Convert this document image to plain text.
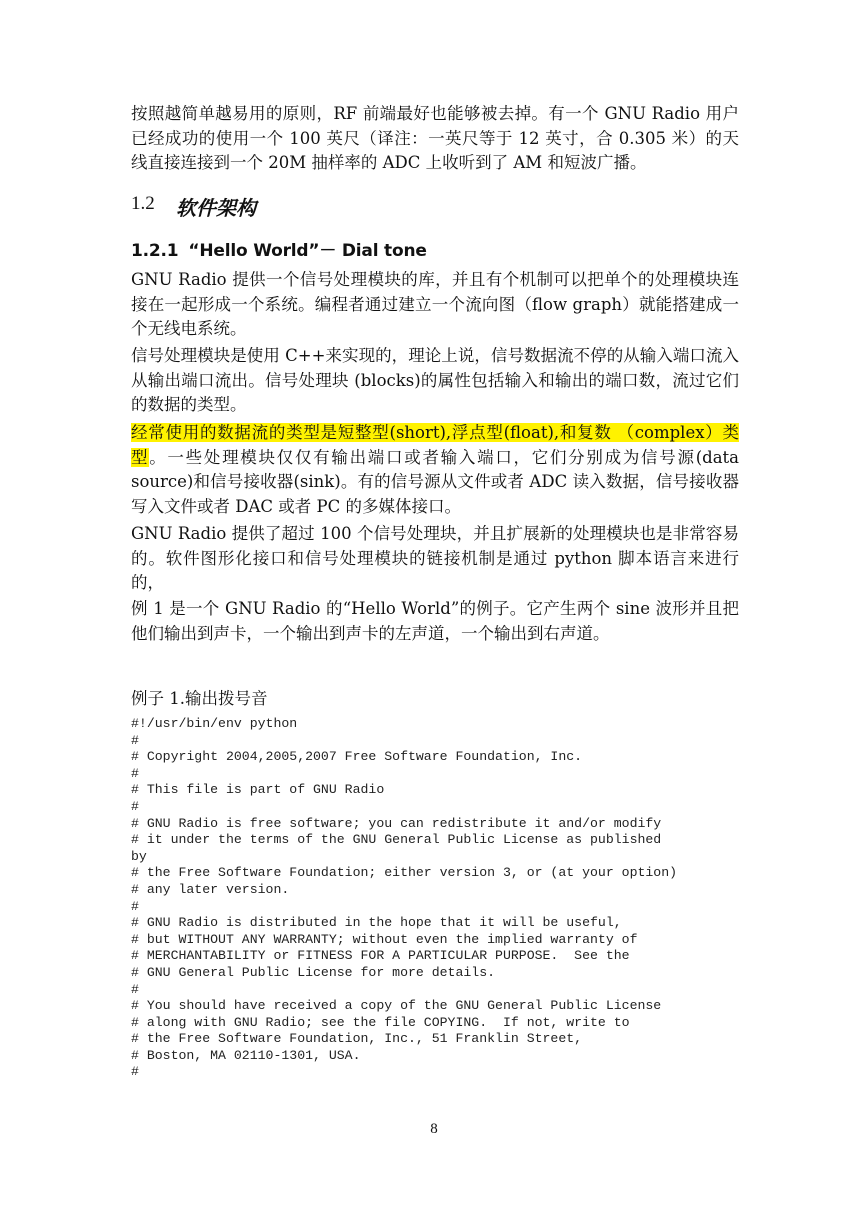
按照越简单越易用的原则，RF 前端最好也能够被去掉。有一个 GNU Radio 用户已经成功的使用一个 100 英尺（译注：一英尺等于 12 英寸，合 0.305 米）的天线直接连接到一个 20M 抽样率的 ADC 上收听到了 AM 和短波广播。

1.2 软件架构
1.2.1 “Hello World”－ Dial tone

GNU Radio 提供一个信号处理模块的库，并且有个机制可以把单个的处理模块连接在一起形成一个系统。编程者通过建立一个流向图（flow graph）就能搭建成一个无线电系统。

信号处理模块是使用 C++来实现的，理论上说，信号数据流不停的从输入端口流入从输出端口流出。信号处理块 (blocks)的属性包括输入和输出的端口数，流过它们的数据的类型。

经常使用的数据流的类型是短整型(short),浮点型(float),和复数 （complex）类型。一些处理模块仅仅有输出端口或者输入端口，它们分别成为信号源(data source)和信号接收器(sink)。有的信号源从文件或者 ADC 读入数据，信号接收器写入文件或者 DAC 或者 PC 的多媒体接口。

GNU Radio 提供了超过 100 个信号处理块，并且扩展新的处理模块也是非常容易的。软件图形化接口和信号处理模块的链接机制是通过 python 脚本语言来进行的，

例 1 是一个 GNU Radio 的“Hello World”的例子。它产生两个 sine 波形并且把他们输出到声卡，一个输出到声卡的左声道，一个输出到右声道。

例子 1.输出拨号音
#!/usr/bin/env python
#
# Copyright 2004,2005,2007 Free Software Foundation, Inc.
#
# This file is part of GNU Radio
#
# GNU Radio is free software; you can redistribute it and/or modify
# it under the terms of the GNU General Public License as published
by
# the Free Software Foundation; either version 3, or (at your option)
# any later version.
#
# GNU Radio is distributed in the hope that it will be useful,
# but WITHOUT ANY WARRANTY; without even the implied warranty of
# MERCHANTABILITY or FITNESS FOR A PARTICULAR PURPOSE.  See the
# GNU General Public License for more details.
#
# You should have received a copy of the GNU General Public License
# along with GNU Radio; see the file COPYING.  If not, write to
# the Free Software Foundation, Inc., 51 Franklin Street,
# Boston, MA 02110-1301, USA.
#
8
